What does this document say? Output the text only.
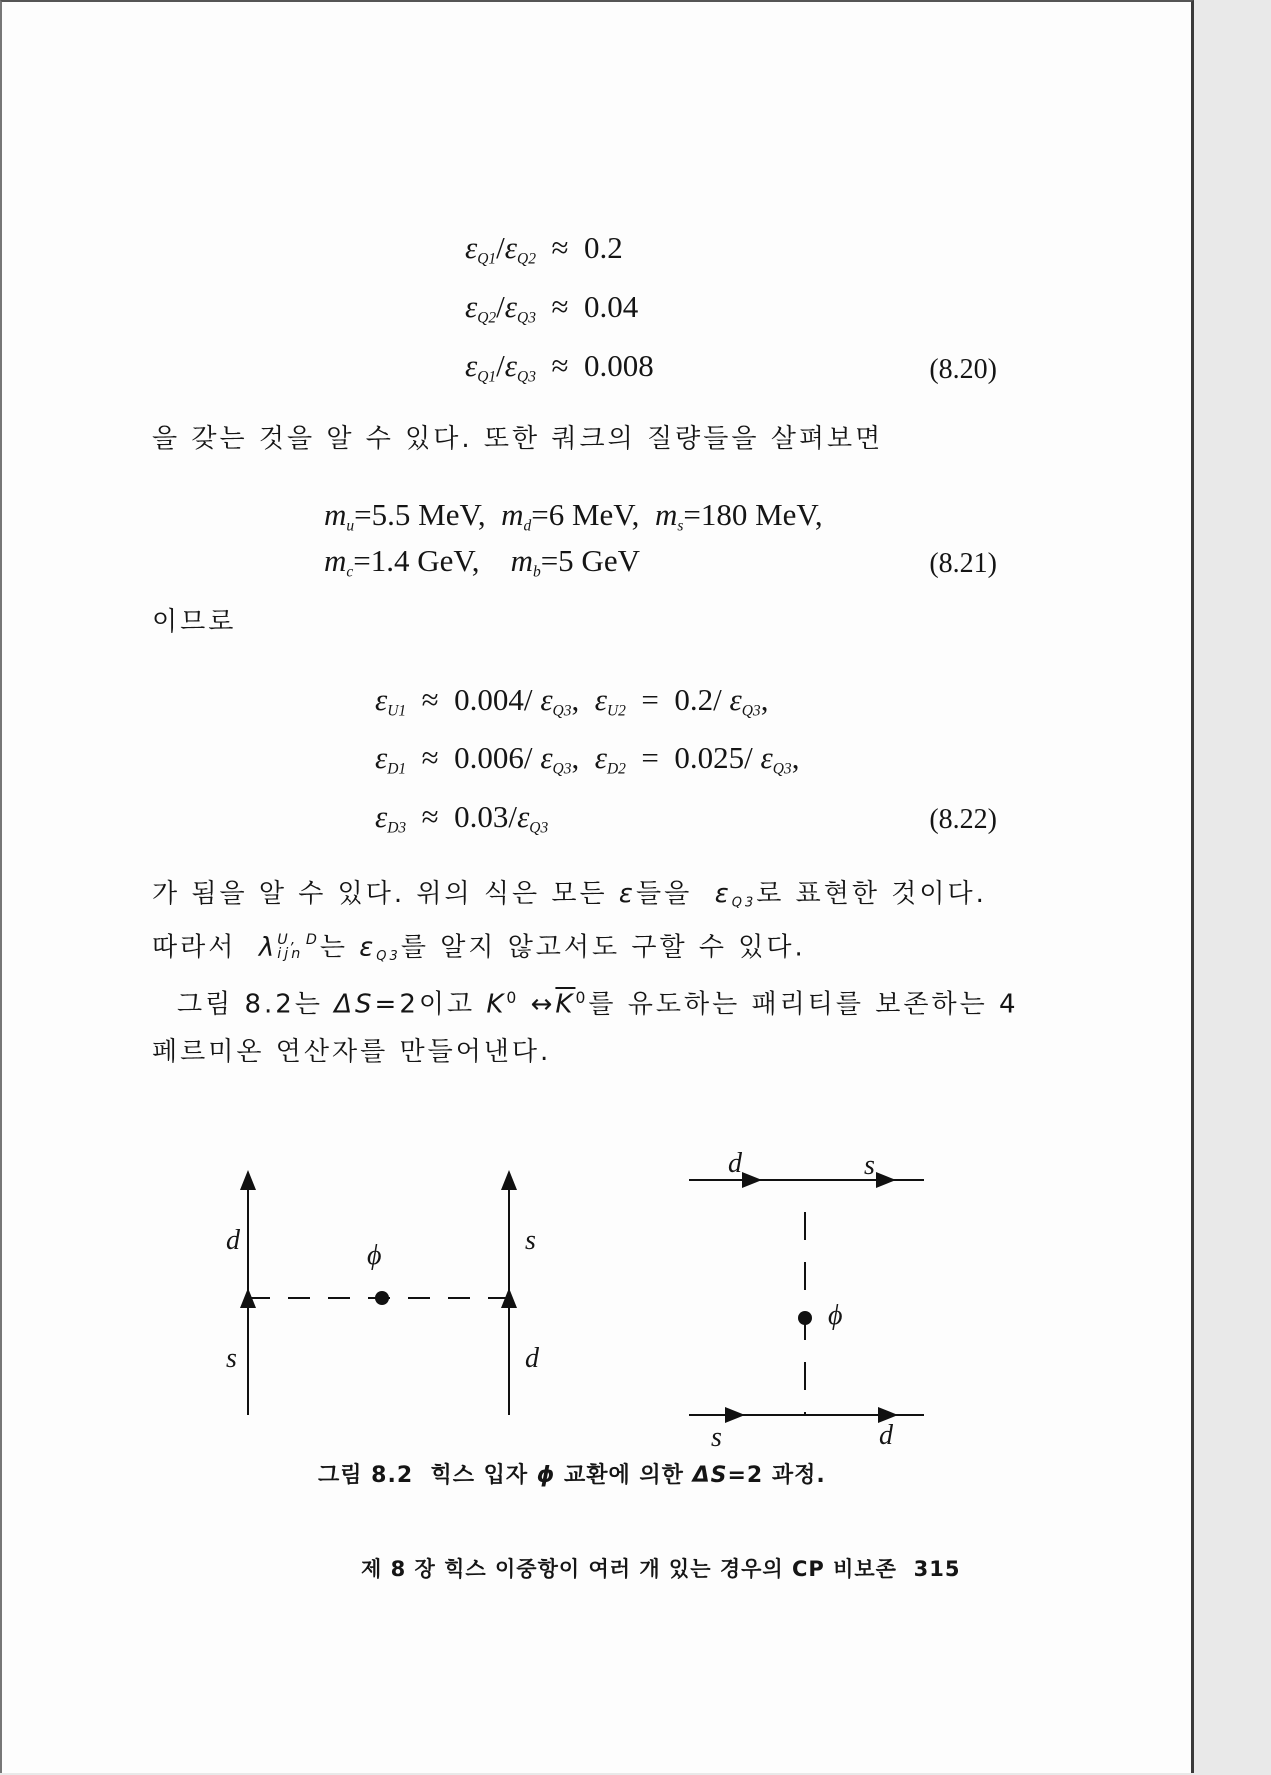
$\varepsilon_{Q1}/\varepsilon_{Q2} \approx 0.2$
$\varepsilon_{Q2}/\varepsilon_{Q3} \approx 0.04$
$\varepsilon_{Q1}/\varepsilon_{Q3} \approx 0.008$	(8.20)
을 갖는 것을 알 수 있다. 또한 쿼크의 질량들을 살펴보면
$m_u=5.5$ MeV,  $m_d=6$ MeV,  $m_s=180$ MeV,
$m_c=1.4$ GeV,    $m_b=5$ GeV	(8.21)
이므로
$\varepsilon_{U1} \approx 0.004/$ $\varepsilon_{Q3}$,  $\varepsilon_{U2} = 0.2/$ $\varepsilon_{Q3}$,
$\varepsilon_{D1} \approx 0.006/$ $\varepsilon_{Q3}$,  $\varepsilon_{D2} = 0.025/$ $\varepsilon_{Q3}$,
$\varepsilon_{D3} \approx 0.03/\varepsilon_{Q3}$	(8.22)
가 됨을 알 수 있다. 위의 식은 모든 ε들을  $\varepsilon_{Q3}$로 표현한 것이다.
따라서  λ U, D
ijn 는 $\varepsilon_{Q3}$를 알지 않고서도 구할 수 있다.
그림 8.2는 ΔS=2이고 $K^0$ $\leftrightarrow\overline{K}^0$를 유도하는 패리티를 보존하는 4
페르미온 연산자를 만들어낸다.
d
s
s
d
ϕ
d	s
s	d
ϕ
그림 8.2  힉스 입자 ϕ 교환에 의한 ΔS=2 과정.
제 8 장 힉스 이중항이 여러 개 있는 경우의 CP 비보존 315
